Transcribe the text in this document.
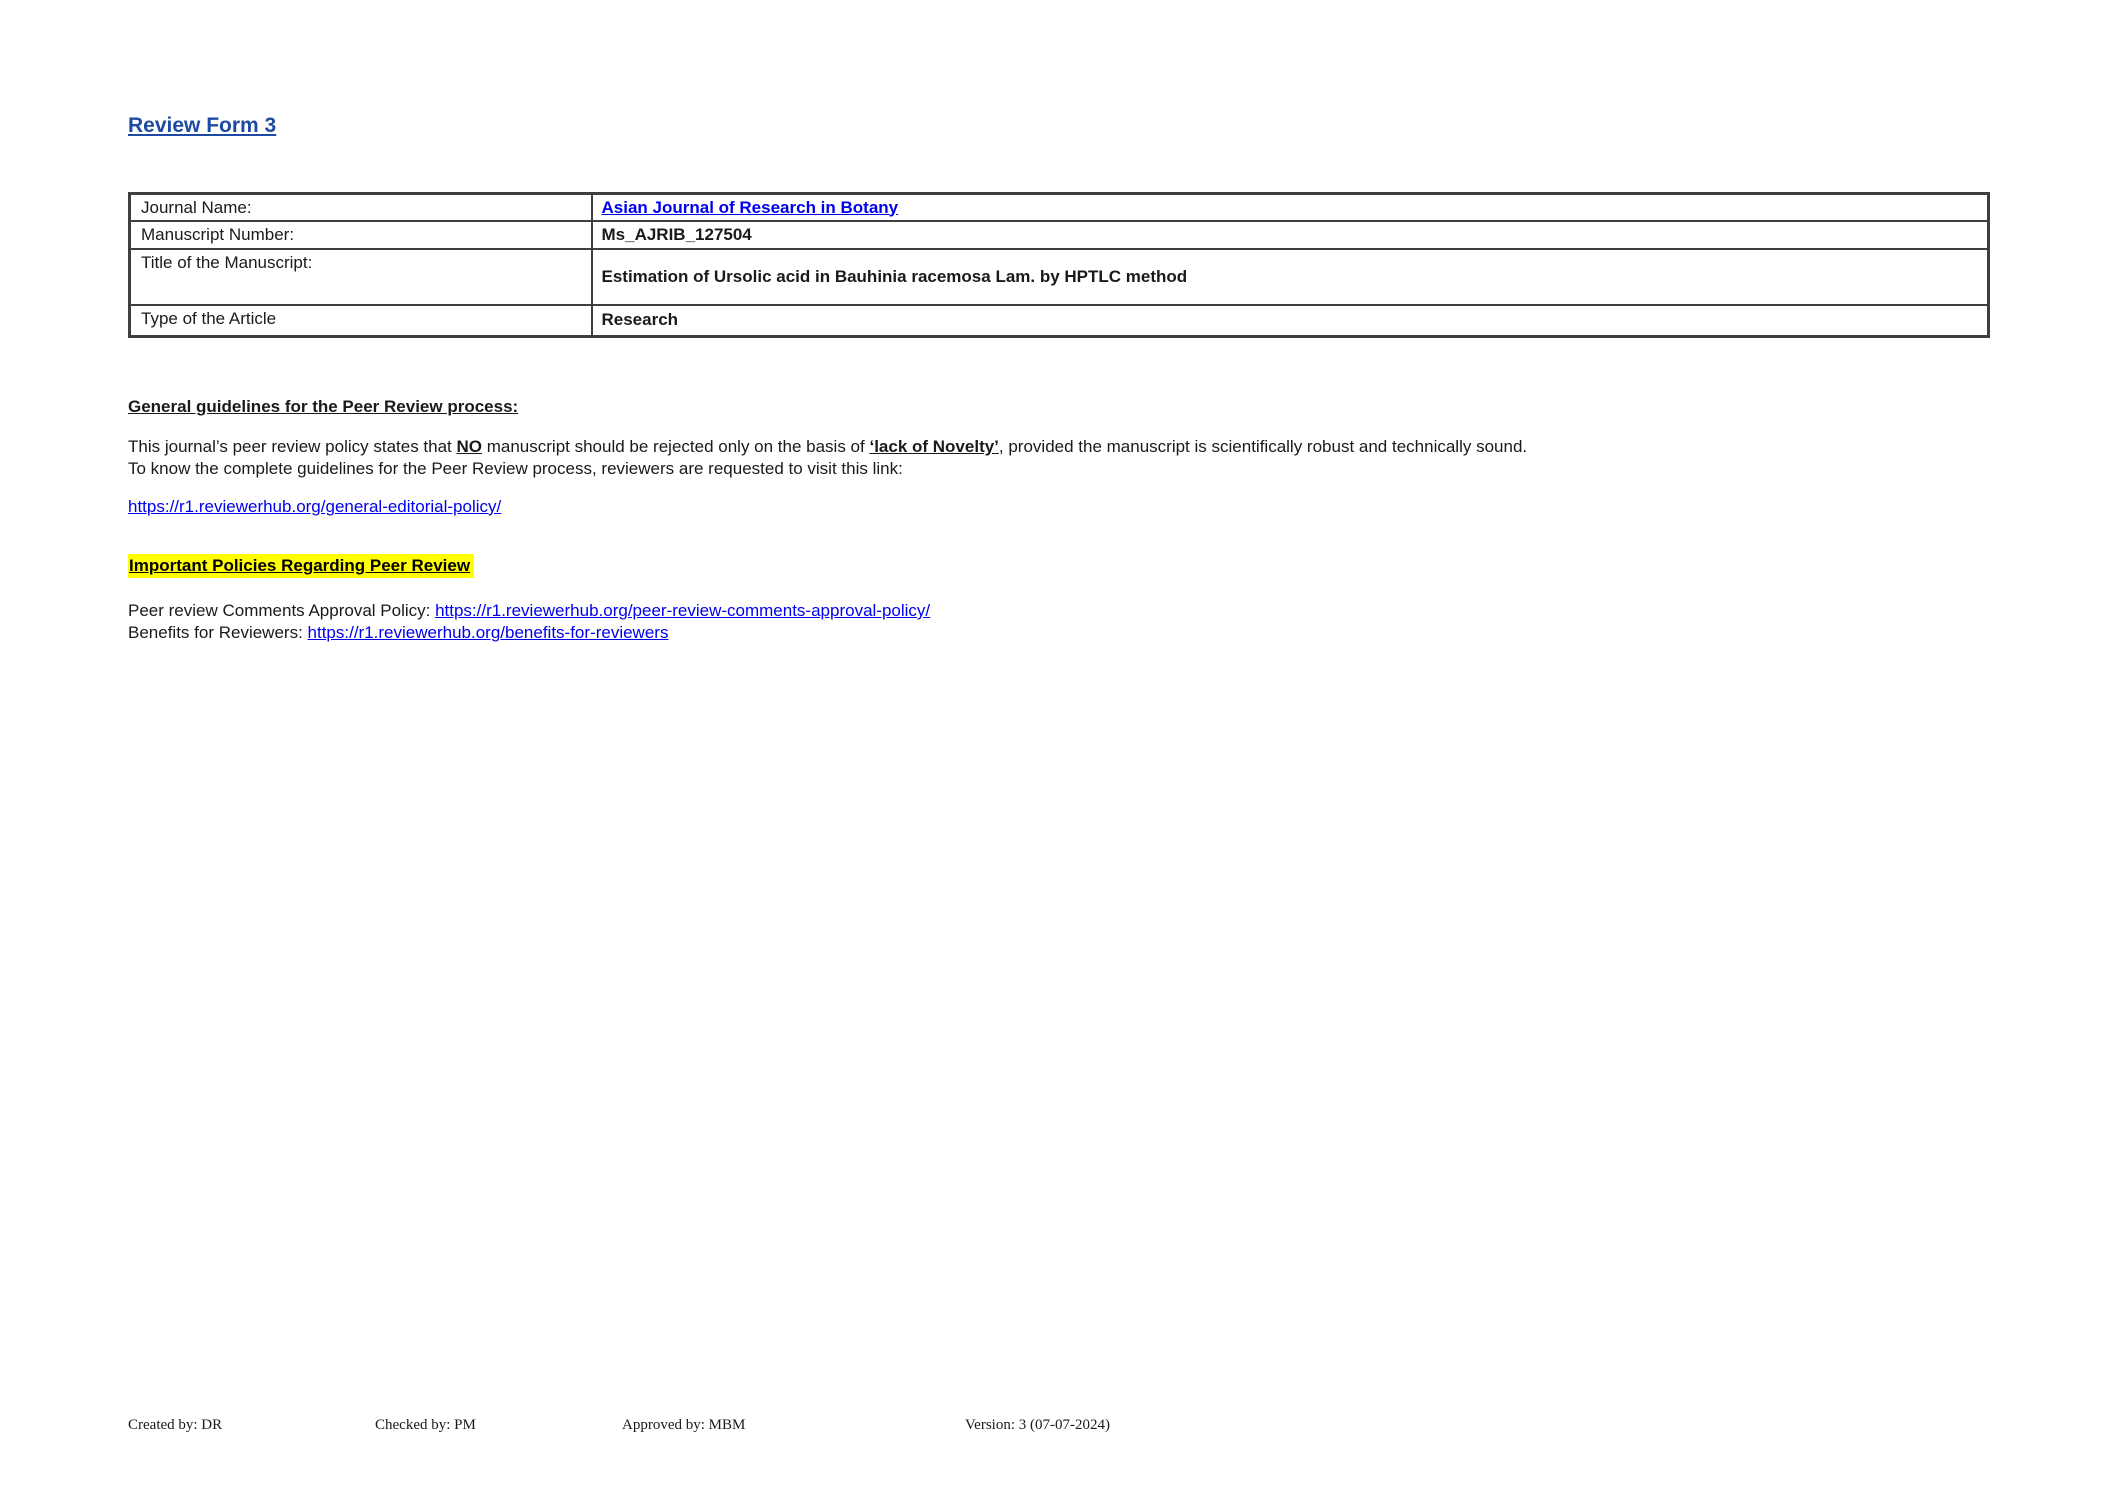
Review Form 3
Journal Name:	Asian Journal of Research in Botany
Manuscript Number:	Ms_AJRIB_127504
Title of the Manuscript:	Estimation of Ursolic acid in Bauhinia racemosa Lam. by HPTLC method
Type of the Article	Research
General guidelines for the Peer Review process:
This journal’s peer review policy states that NO manuscript should be rejected only on the basis of ‘lack of Novelty’, provided the manuscript is scientifically robust and technically sound.
To know the complete guidelines for the Peer Review process, reviewers are requested to visit this link:
https://r1.reviewerhub.org/general-editorial-policy/
Important Policies Regarding Peer Review
Peer review Comments Approval Policy: https://r1.reviewerhub.org/peer-review-comments-approval-policy/
Benefits for Reviewers: https://r1.reviewerhub.org/benefits-for-reviewers
Created by: DR	Checked by: PM	Approved by: MBM	Version: 3 (07-07-2024)
